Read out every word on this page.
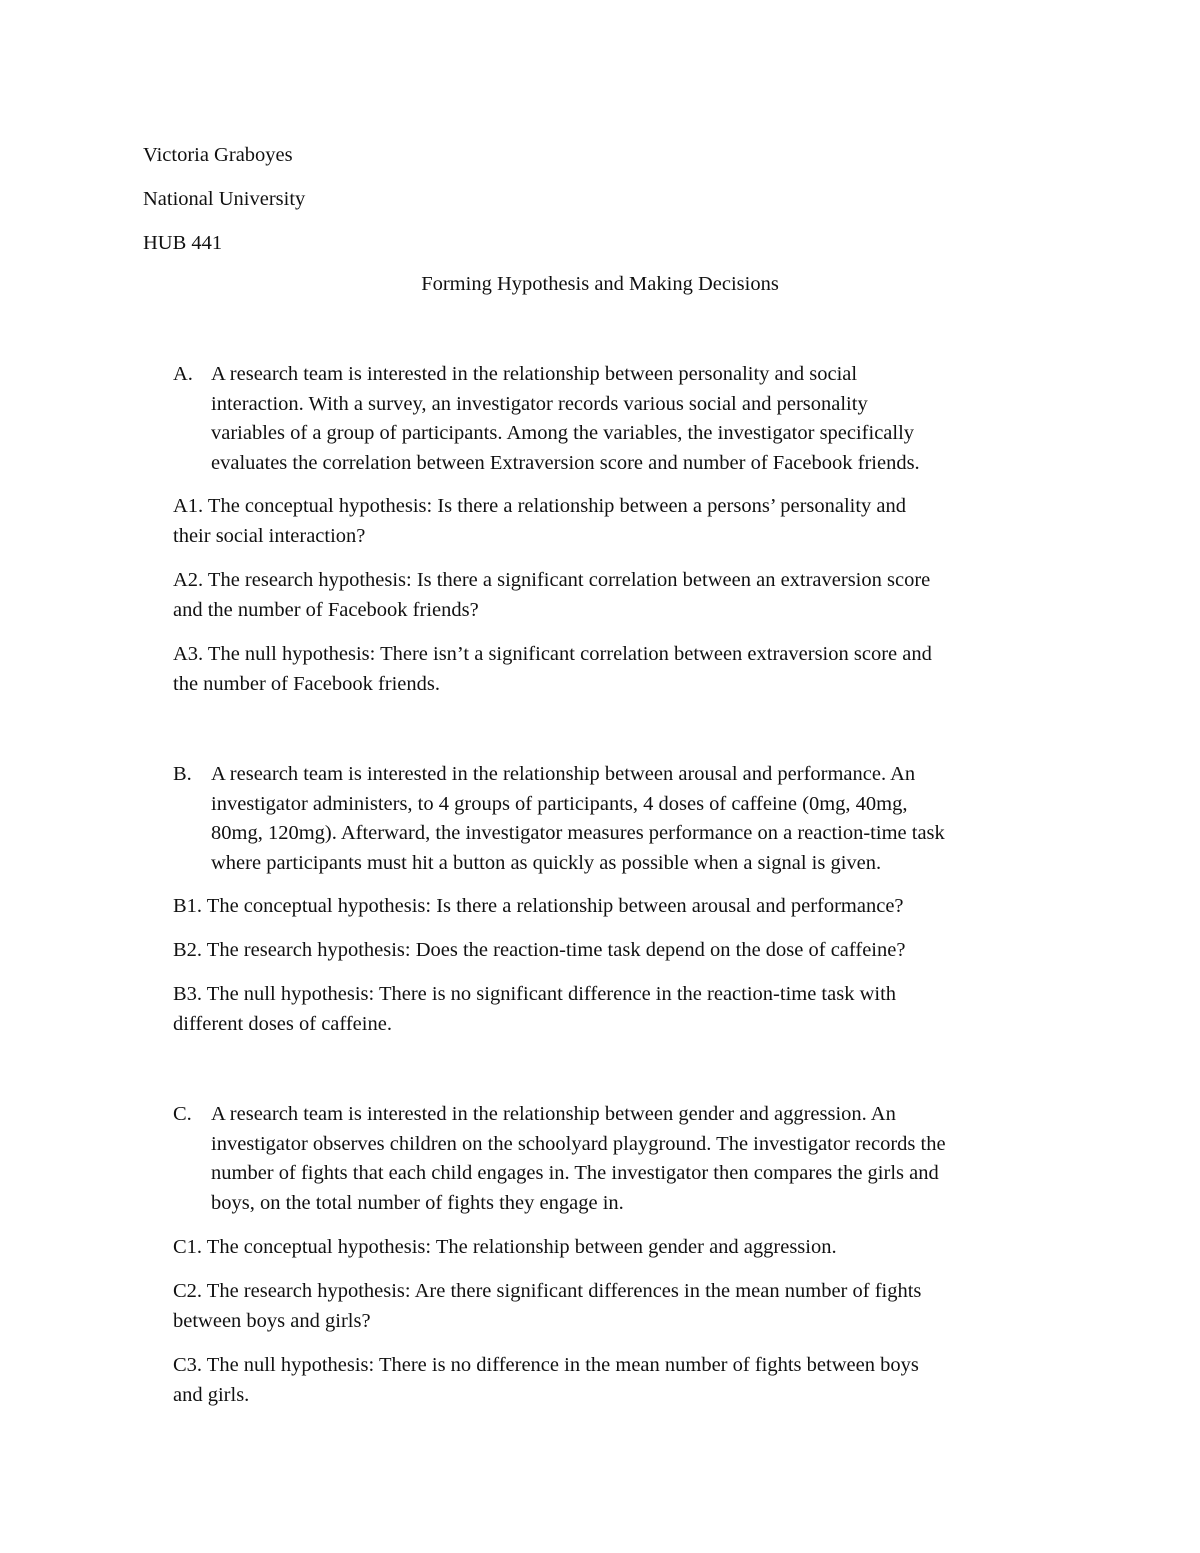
Victoria Graboyes

National University

HUB 441

Forming Hypothesis and Making Decisions

A. A research team is interested in the relationship between personality and social
interaction. With a survey, an investigator records various social and personality
variables of a group of participants. Among the variables, the investigator specifically
evaluates the correlation between Extraversion score and number of Facebook friends.
A1. The conceptual hypothesis: Is there a relationship between a persons’ personality and
their social interaction?
A2. The research hypothesis: Is there a significant correlation between an extraversion score
and the number of Facebook friends?
A3. The null hypothesis: There isn’t a significant correlation between extraversion score and
the number of Facebook friends.
B. A research team is interested in the relationship between arousal and performance. An
investigator administers, to 4 groups of participants, 4 doses of caffeine (0mg, 40mg,
80mg, 120mg). Afterward, the investigator measures performance on a reaction-time task
where participants must hit a button as quickly as possible when a signal is given.
B1. The conceptual hypothesis: Is there a relationship between arousal and performance?
B2. The research hypothesis: Does the reaction-time task depend on the dose of caffeine?
B3. The null hypothesis: There is no significant difference in the reaction-time task with
different doses of caffeine.
C. A research team is interested in the relationship between gender and aggression. An
investigator observes children on the schoolyard playground. The investigator records the
number of fights that each child engages in. The investigator then compares the girls and
boys, on the total number of fights they engage in.
C1. The conceptual hypothesis: The relationship between gender and aggression.
C2. The research hypothesis: Are there significant differences in the mean number of fights
between boys and girls?
C3. The null hypothesis: There is no difference in the mean number of fights between boys
and girls.
